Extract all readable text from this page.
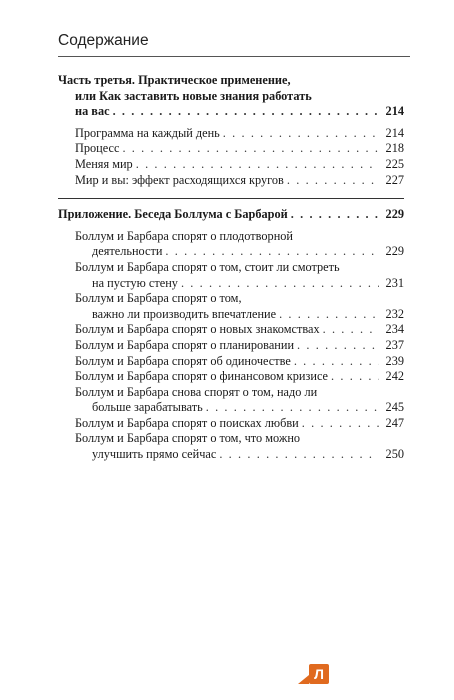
Содержание
Часть третья. Практическое применение,
или Как заставить новые знания работать
на вас . . .	214
Программа на каждый день . . .	214
Процесс . . .	218
Меняя мир . . .	225
Мир и вы: эффект расходящихся кругов . . .	227
Приложение. Беседа Боллума с Барбарой . . .	229
Боллум и Барбара спорят о плодотворной
деятельности . . .	229
Боллум и Барбара спорят о том, стоит ли смотреть
на пустую стену . . .	231
Боллум и Барбара спорят о том,
важно ли производить впечатление . . .	232
Боллум и Барбара спорят о новых знакомствах . . .	234
Боллум и Барбара спорят о планировании . . .	237
Боллум и Барбара спорят об одиночестве . . .	239
Боллум и Барбара спорят о финансовом кризисе . . .	242
Боллум и Барбара снова спорят о том, надо ли
больше зарабатывать . . .	245
Боллум и Барбара спорят о поисках любви . . .	247
Боллум и Барбара спорят о том, что можно
улучшить прямо сейчас . . .	250
Л
